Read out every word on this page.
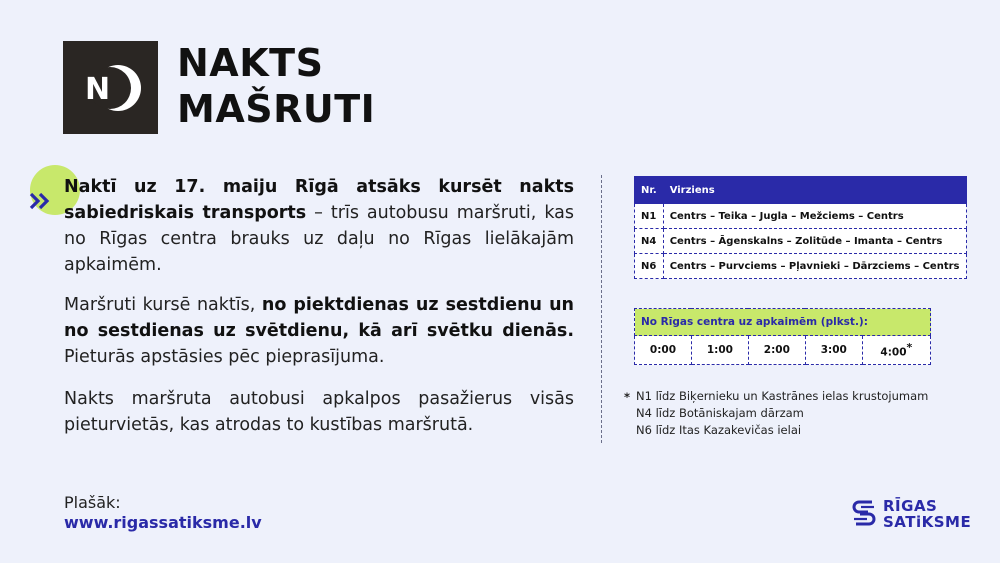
N
NAKTS
MAŠRUTI
Naktī uz 17. maiju Rīgā atsāks kursēt nakts sabiedriskais transports – trīs autobusu maršruti, kas no Rīgas centra brauks uz daļu no Rīgas lielākajām apkaimēm.
Maršruti kursē naktīs, no piektdienas uz sestdienu un no sestdienas uz svētdienu, kā arī svētku dienās. Pieturās apstāsies pēc pieprasījuma.
Nakts maršruta autobusi apkalpos pasažierus visās pieturvietās, kas atrodas to kustības maršrutā.
Nr.	Virziens
N1	Centrs – Teika – Jugla – Mežciems – Centrs
N4	Centrs – Āgenskalns – Zolitūde – Imanta – Centrs
N6	Centrs – Purvciems – Pļavnieki – Dārzciems – Centrs
No Rīgas centra uz apkaimēm (plkst.):
0:00	1:00	2:00	3:00	4:00*
* N1 līdz Biķernieku un Kastrānes ielas krustojumam
N4 līdz Botāniskajam dārzam
N6 līdz Itas Kazakevičas ielai
Plašāk:
www.rigassatiksme.lv
RĪGAS
SATiKSME
